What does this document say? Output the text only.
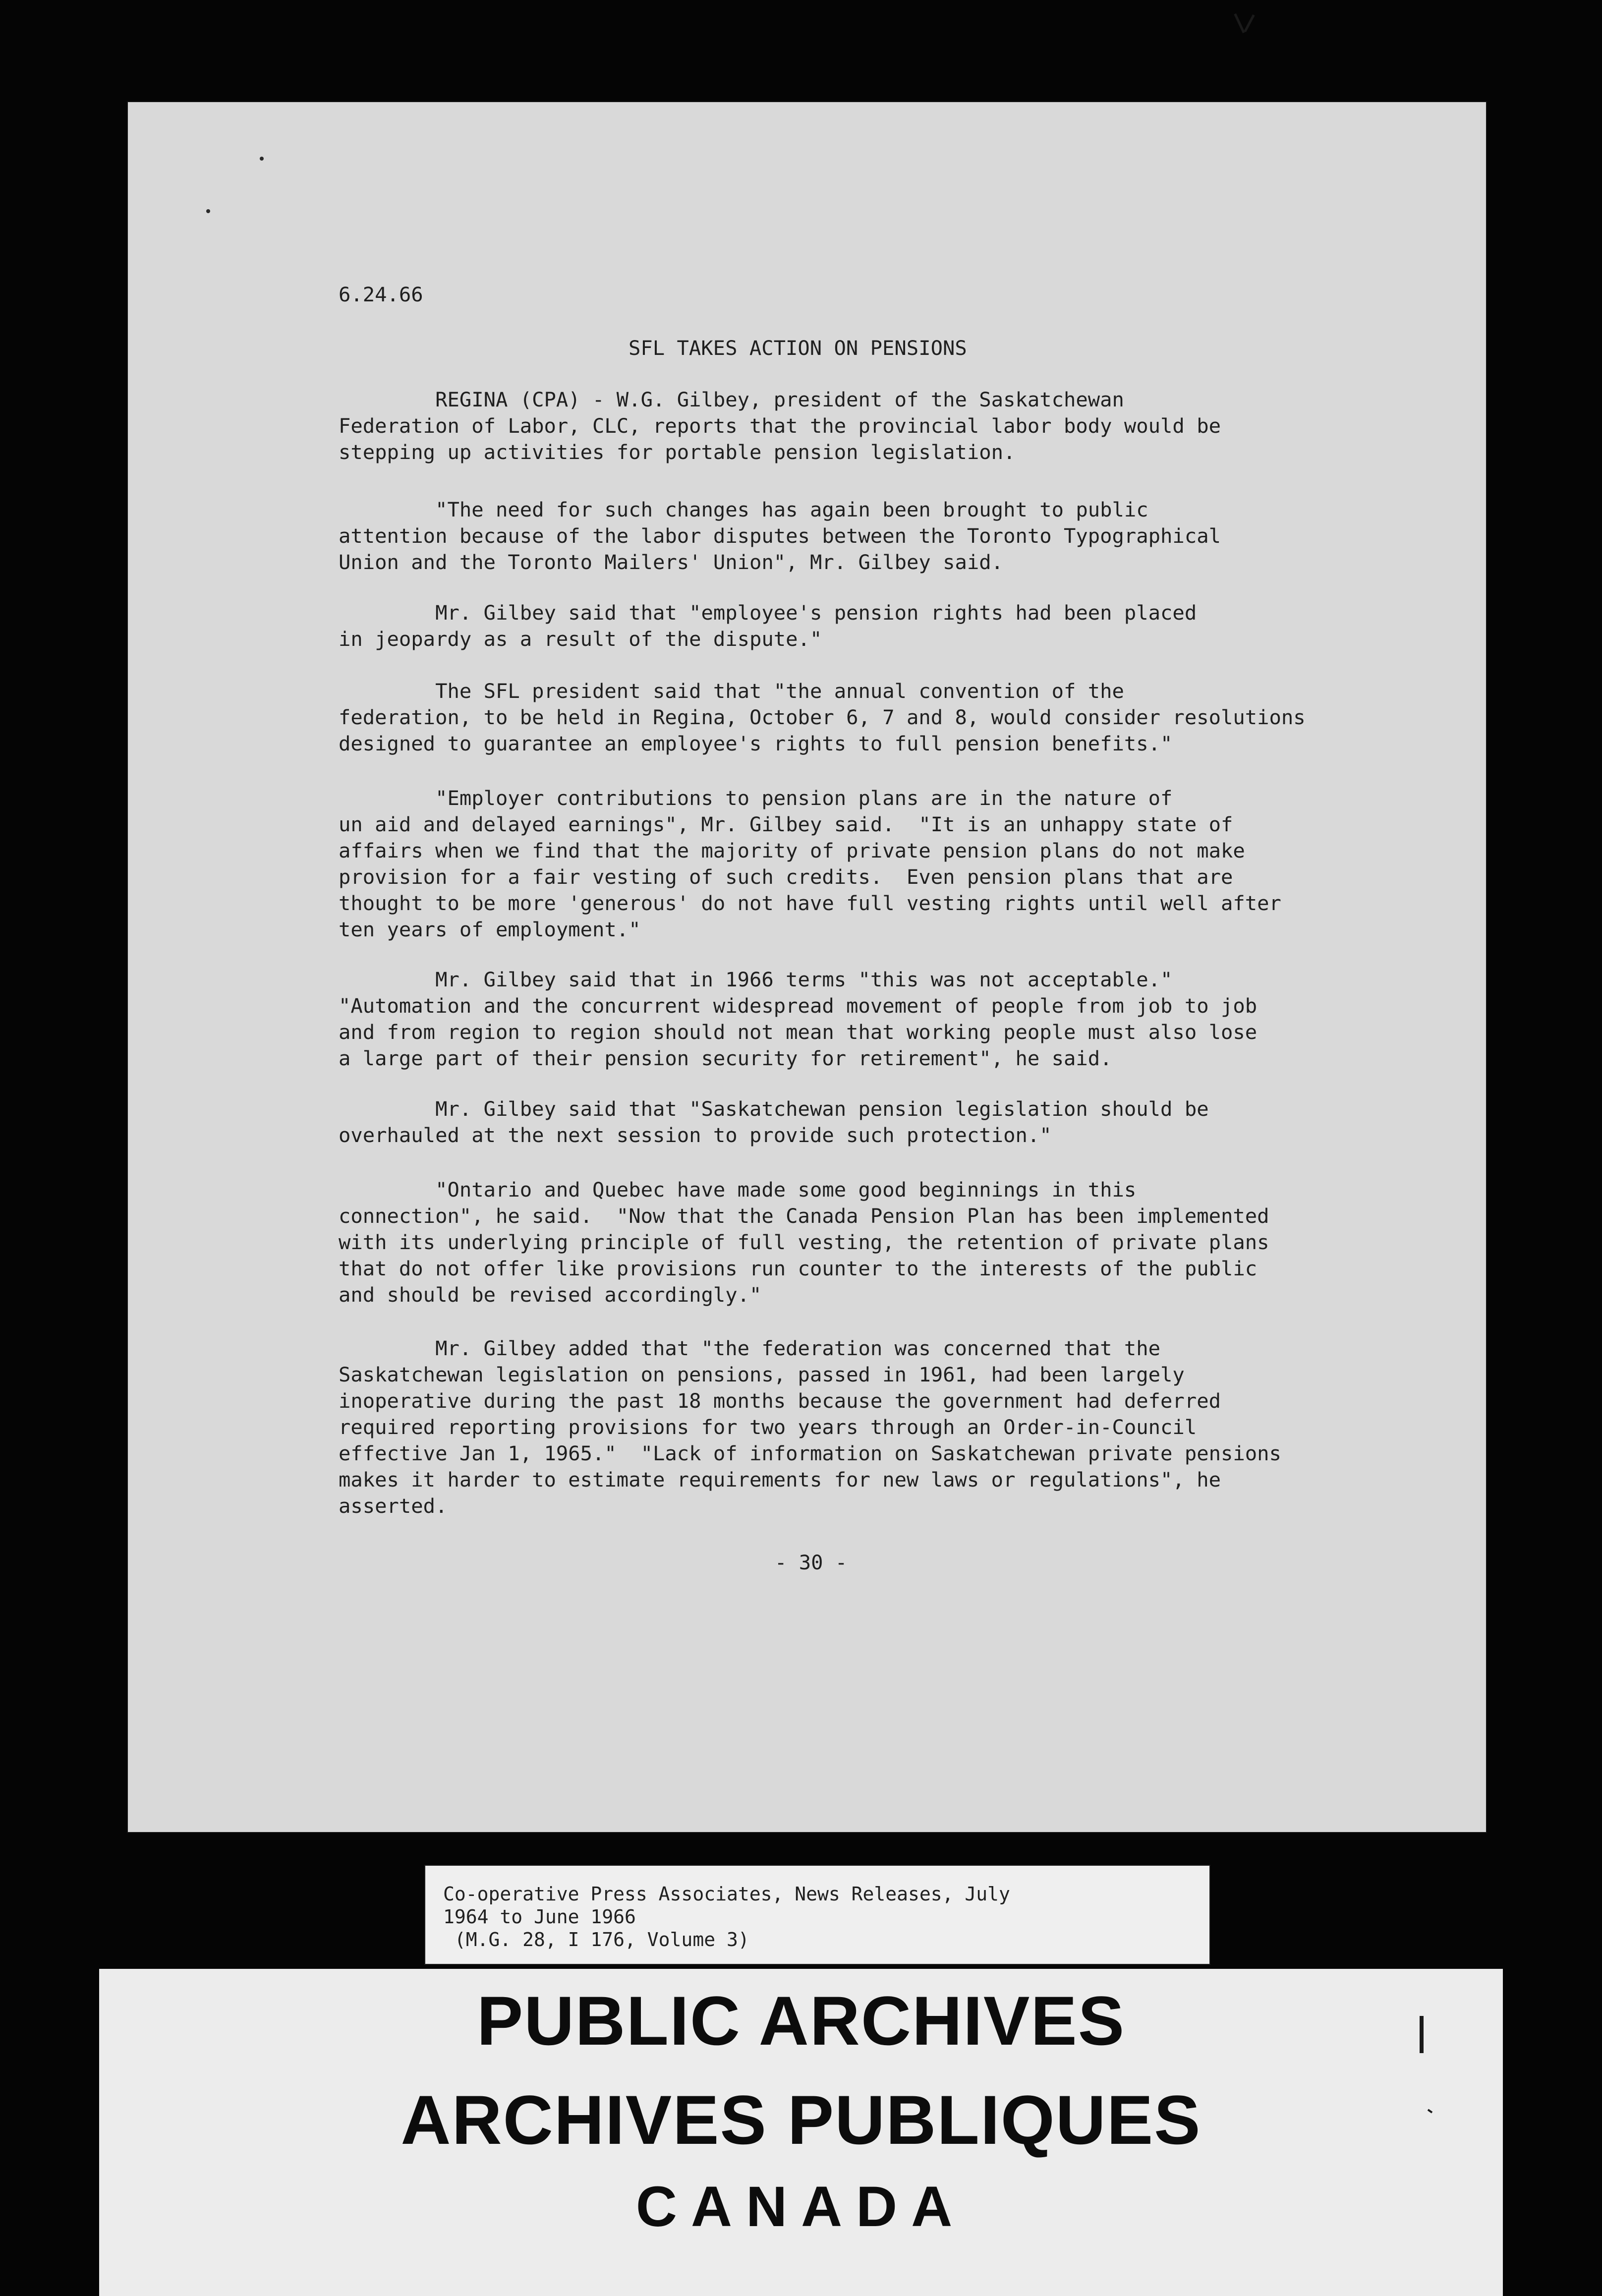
6.24.66
SFL TAKES ACTION ON PENSIONS
REGINA (CPA) - W.G. Gilbey, president of the Saskatchewan
Federation of Labor, CLC, reports that the provincial labor body would be
stepping up activities for portable pension legislation.
"The need for such changes has again been brought to public
attention because of the labor disputes between the Toronto Typographical
Union and the Toronto Mailers' Union", Mr. Gilbey said.
Mr. Gilbey said that "employee's pension rights had been placed
in jeopardy as a result of the dispute."
The SFL president said that "the annual convention of the
federation, to be held in Regina, October 6, 7 and 8, would consider resolutions
designed to guarantee an employee's rights to full pension benefits."
"Employer contributions to pension plans are in the nature of
un aid and delayed earnings", Mr. Gilbey said.  "It is an unhappy state of
affairs when we find that the majority of private pension plans do not make
provision for a fair vesting of such credits.  Even pension plans that are
thought to be more 'generous' do not have full vesting rights until well after
ten years of employment."
Mr. Gilbey said that in 1966 terms "this was not acceptable."
"Automation and the concurrent widespread movement of people from job to job
and from region to region should not mean that working people must also lose
a large part of their pension security for retirement", he said.
Mr. Gilbey said that "Saskatchewan pension legislation should be
overhauled at the next session to provide such protection."
"Ontario and Quebec have made some good beginnings in this
connection", he said.  "Now that the Canada Pension Plan has been implemented
with its underlying principle of full vesting, the retention of private plans
that do not offer like provisions run counter to the interests of the public
and should be revised accordingly."
Mr. Gilbey added that "the federation was concerned that the
Saskatchewan legislation on pensions, passed in 1961, had been largely
inoperative during the past 18 months because the government had deferred
required reporting provisions for two years through an Order-in-Council
effective Jan 1, 1965."  "Lack of information on Saskatchewan private pensions
makes it harder to estimate requirements for new laws or regulations", he
asserted.
- 30 -
Co-operative Press Associates, News Releases, July
1964 to June 1966
(M.G. 28, I 176, Volume 3)
PUBLIC ARCHIVES
ARCHIVES PUBLIQUES
CANADA
